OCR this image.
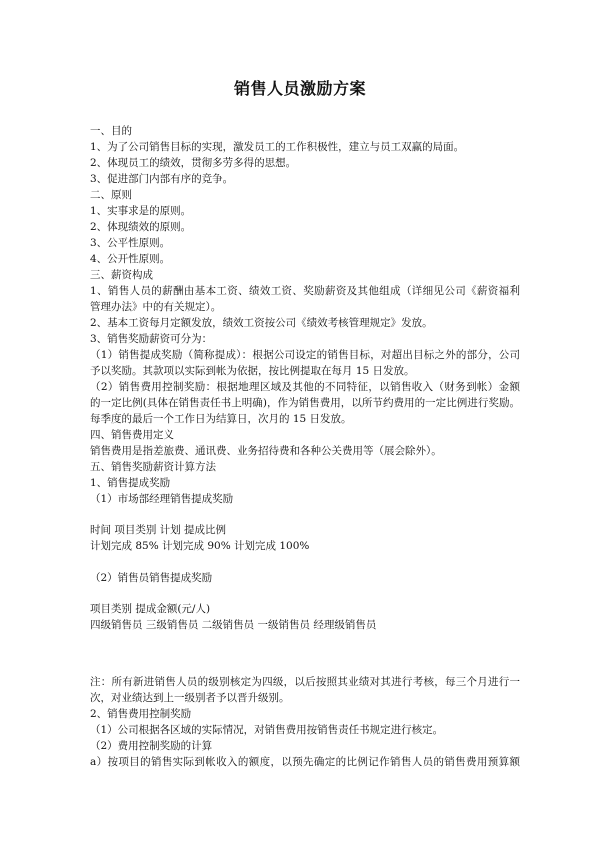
销售人员激励方案
一、目的
1、为了公司销售目标的实现，激发员工的工作积极性，建立与员工双赢的局面。
2、体现员工的绩效，贯彻多劳多得的思想。
3、促进部门内部有序的竞争。
二、原则
1、实事求是的原则。
2、体现绩效的原则。
3、公平性原则。
4、公开性原则。
三、薪资构成
1、销售人员的薪酬由基本工资、绩效工资、奖励薪资及其他组成（详细见公司《薪资福利
管理办法》中的有关规定）。
2、基本工资每月定额发放，绩效工资按公司《绩效考核管理规定》发放。
3、销售奖励薪资可分为：
（1）销售提成奖励（简称提成）：根据公司设定的销售目标，对超出目标之外的部分，公司
予以奖励。其款项以实际到帐为依据，按比例提取在每月 15 日发放。
（2）销售费用控制奖励：根据地理区域及其他的不同特征，以销售收入（财务到帐）金额
的一定比例(具体在销售责任书上明确)，作为销售费用，以所节约费用的一定比例进行奖励。
每季度的最后一个工作日为结算日，次月的 15 日发放。
四、销售费用定义
销售费用是指差旅费、通讯费、业务招待费和各种公关费用等（展会除外）。
五、销售奖励薪资计算方法
1、销售提成奖励
（1）市场部经理销售提成奖励
时间 项目类别 计划 提成比例
计划完成 85% 计划完成 90% 计划完成 100%
（2）销售员销售提成奖励
项目类别 提成金额(元/人)
四级销售员 三级销售员 二级销售员 一级销售员 经理级销售员
注：所有新进销售人员的级别核定为四级，以后按照其业绩对其进行考核，每三个月进行一
次，对业绩达到上一级别者予以晋升级别。
2、销售费用控制奖励
（1）公司根据各区域的实际情况，对销售费用按销售责任书规定进行核定。
（2）费用控制奖励的计算
a）按项目的销售实际到帐收入的额度，以预先确定的比例记作销售人员的销售费用预算额
